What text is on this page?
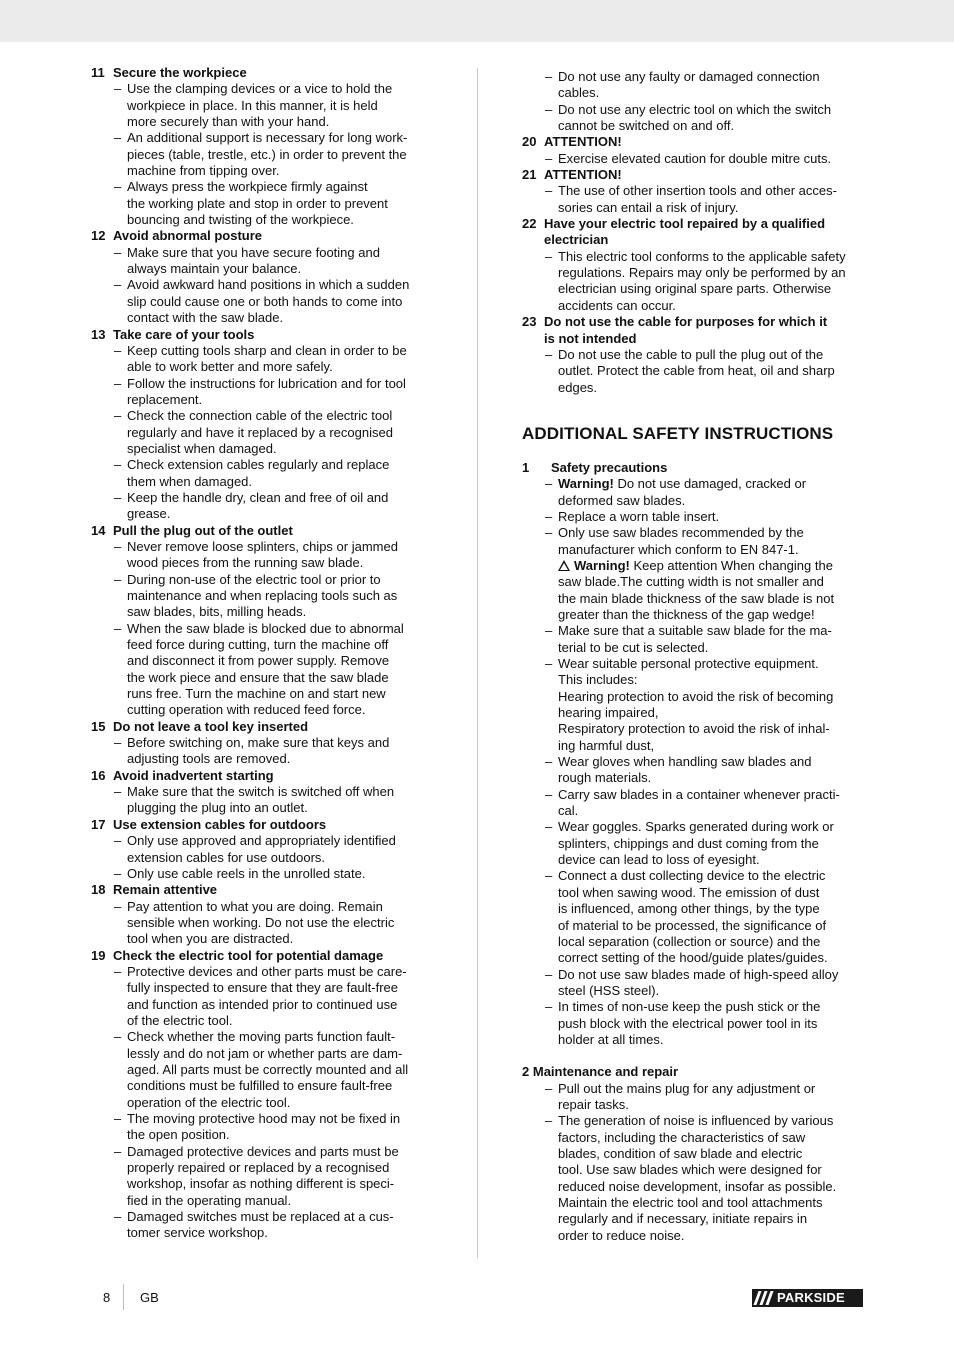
11 Secure the workpiece
– Use the clamping devices or a vice to hold the
workpiece in place. In this manner, it is held
more securely than with your hand.
– An additional support is necessary for long work-
pieces (table, trestle, etc.) in order to prevent the
machine from tipping over.
– Always press the workpiece firmly against
the working plate and stop in order to prevent
bouncing and twisting of the workpiece.
12 Avoid abnormal posture
– Make sure that you have secure footing and
always maintain your balance.
– Avoid awkward hand positions in which a sudden
slip could cause one or both hands to come into
contact with the saw blade.
13 Take care of your tools
– Keep cutting tools sharp and clean in order to be
able to work better and more safely.
– Follow the instructions for lubrication and for tool
replacement.
– Check the connection cable of the electric tool
regularly and have it replaced by a recognised
specialist when damaged.
– Check extension cables regularly and replace
them when damaged.
– Keep the handle dry, clean and free of oil and
grease.
14 Pull the plug out of the outlet
– Never remove loose splinters, chips or jammed
wood pieces from the running saw blade.
– During non-use of the electric tool or prior to
maintenance and when replacing tools such as
saw blades, bits, milling heads.
– When the saw blade is blocked due to abnormal
feed force during cutting, turn the machine off
and disconnect it from power supply. Remove
the work piece and ensure that the saw blade
runs free. Turn the machine on and start new
cutting operation with reduced feed force.
15 Do not leave a tool key inserted
– Before switching on, make sure that keys and
adjusting tools are removed.
16 Avoid inadvertent starting
– Make sure that the switch is switched off when
plugging the plug into an outlet.
17 Use extension cables for outdoors
– Only use approved and appropriately identified
extension cables for use outdoors.
– Only use cable reels in the unrolled state.
18 Remain attentive
– Pay attention to what you are doing. Remain
sensible when working. Do not use the electric
tool when you are distracted.
19 Check the electric tool for potential damage
– Protective devices and other parts must be care-
fully inspected to ensure that they are fault-free
and function as intended prior to continued use
of the electric tool.
– Check whether the moving parts function fault-
lessly and do not jam or whether parts are dam-
aged. All parts must be correctly mounted and all
conditions must be fulfilled to ensure fault-free
operation of the electric tool.
– The moving protective hood may not be fixed in
the open position.
– Damaged protective devices and parts must be
properly repaired or replaced by a recognised
workshop, insofar as nothing different is speci-
fied in the operating manual.
– Damaged switches must be replaced at a cus-
tomer service workshop.
– Do not use any faulty or damaged connection
cables.
– Do not use any electric tool on which the switch
cannot be switched on and off.
20 ATTENTION!
– Exercise elevated caution for double mitre cuts.
21 ATTENTION!
– The use of other insertion tools and other acces-
sories can entail a risk of injury.
22 Have your electric tool repaired by a qualified
electrician
– This electric tool conforms to the applicable safety
regulations. Repairs may only be performed by an
electrician using original spare parts. Otherwise
accidents can occur.
23 Do not use the cable for purposes for which it
is not intended
– Do not use the cable to pull the plug out of the
outlet. Protect the cable from heat, oil and sharp
edges.
ADDITIONAL SAFETY INSTRUCTIONS
1	Safety precautions
– Warning! Do not use damaged, cracked or
deformed saw blades.
– Replace a worn table insert.
– Only use saw blades recommended by the
manufacturer which conform to EN 847-1.
Warning! Keep attention When changing the
saw blade.The cutting width is not smaller and
the main blade thickness of the saw blade is not
greater than the thickness of the gap wedge!
– Make sure that a suitable saw blade for the ma-
terial to be cut is selected.
– Wear suitable personal protective equipment.
This includes:
Hearing protection to avoid the risk of becoming
hearing impaired,
Respiratory protection to avoid the risk of inhal-
ing harmful dust,
– Wear gloves when handling saw blades and
rough materials.
– Carry saw blades in a container whenever practi-
cal.
– Wear goggles. Sparks generated during work or
splinters, chippings and dust coming from the
device can lead to loss of eyesight.
– Connect a dust collecting device to the electric
tool when sawing wood. The emission of dust
is influenced, among other things, by the type
of material to be processed, the significance of
local separation (collection or source) and the
correct setting of the hood/guide plates/guides.
– Do not use saw blades made of high-speed alloy
steel (HSS steel).
– In times of non-use keep the push stick or the
push block with the electrical power tool in its
holder at all times.
2
Maintenance and repair
– Pull out the mains plug for any adjustment or
repair tasks.
– The generation of noise is influenced by various
factors, including the characteristics of saw
blades, condition of saw blade and electric
tool. Use saw blades which were designed for
reduced noise development, insofar as possible.
Maintain the electric tool and tool attachments
regularly and if necessary, initiate repairs in
order to reduce noise.
8 GB	PARKSIDE
